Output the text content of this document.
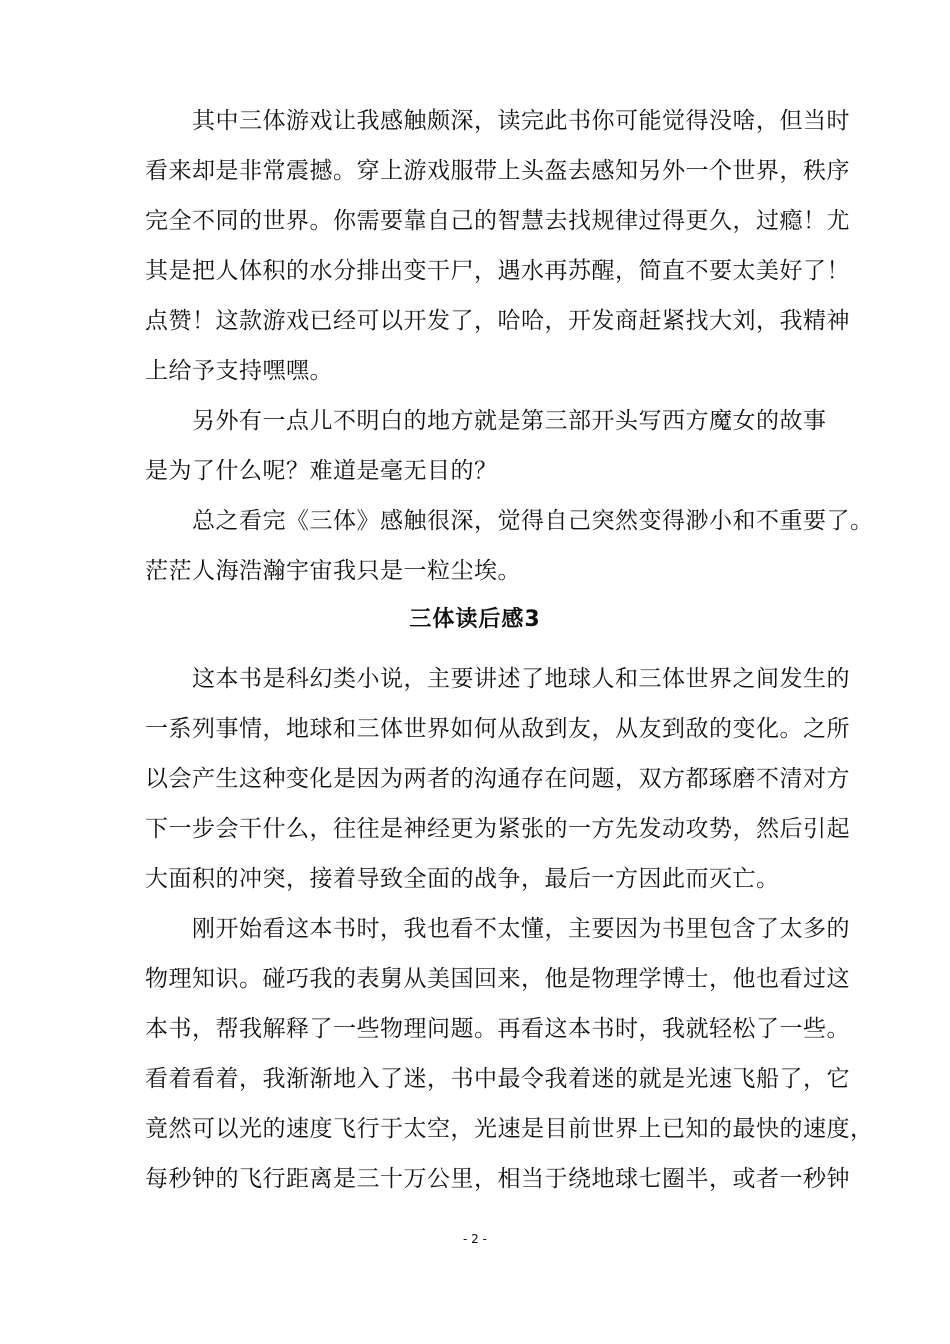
　　其中三体游戏让我感触颇深，读完此书你可能觉得没啥，但当时
看来却是非常震撼。穿上游戏服带上头盔去感知另外一个世界，秩序
完全不同的世界。你需要靠自己的智慧去找规律过得更久，过瘾！尤
其是把人体积的水分排出变干尸，遇水再苏醒，简直不要太美好了！
点赞！这款游戏已经可以开发了，哈哈，开发商赶紧找大刘，我精神
上给予支持嘿嘿。
　　另外有一点儿不明白的地方就是第三部开头写西方魔女的故事
是为了什么呢？难道是毫无目的？
　　总之看完《三体》感触很深，觉得自己突然变得渺小和不重要了。
茫茫人海浩瀚宇宙我只是一粒尘埃。
三体读后感3
　　这本书是科幻类小说，主要讲述了地球人和三体世界之间发生的
一系列事情，地球和三体世界如何从敌到友，从友到敌的变化。之所
以会产生这种变化是因为两者的沟通存在问题，双方都琢磨不清对方
下一步会干什么，往往是神经更为紧张的一方先发动攻势，然后引起
大面积的冲突，接着导致全面的战争，最后一方因此而灭亡。
　　刚开始看这本书时，我也看不太懂，主要因为书里包含了太多的
物理知识。碰巧我的表舅从美国回来，他是物理学博士，他也看过这
本书，帮我解释了一些物理问题。再看这本书时，我就轻松了一些。
看着看着，我渐渐地入了迷，书中最令我着迷的就是光速飞船了，它
竟然可以光的速度飞行于太空，光速是目前世界上已知的最快的速度，
每秒钟的飞行距离是三十万公里，相当于绕地球七圈半，或者一秒钟
- 2 -
